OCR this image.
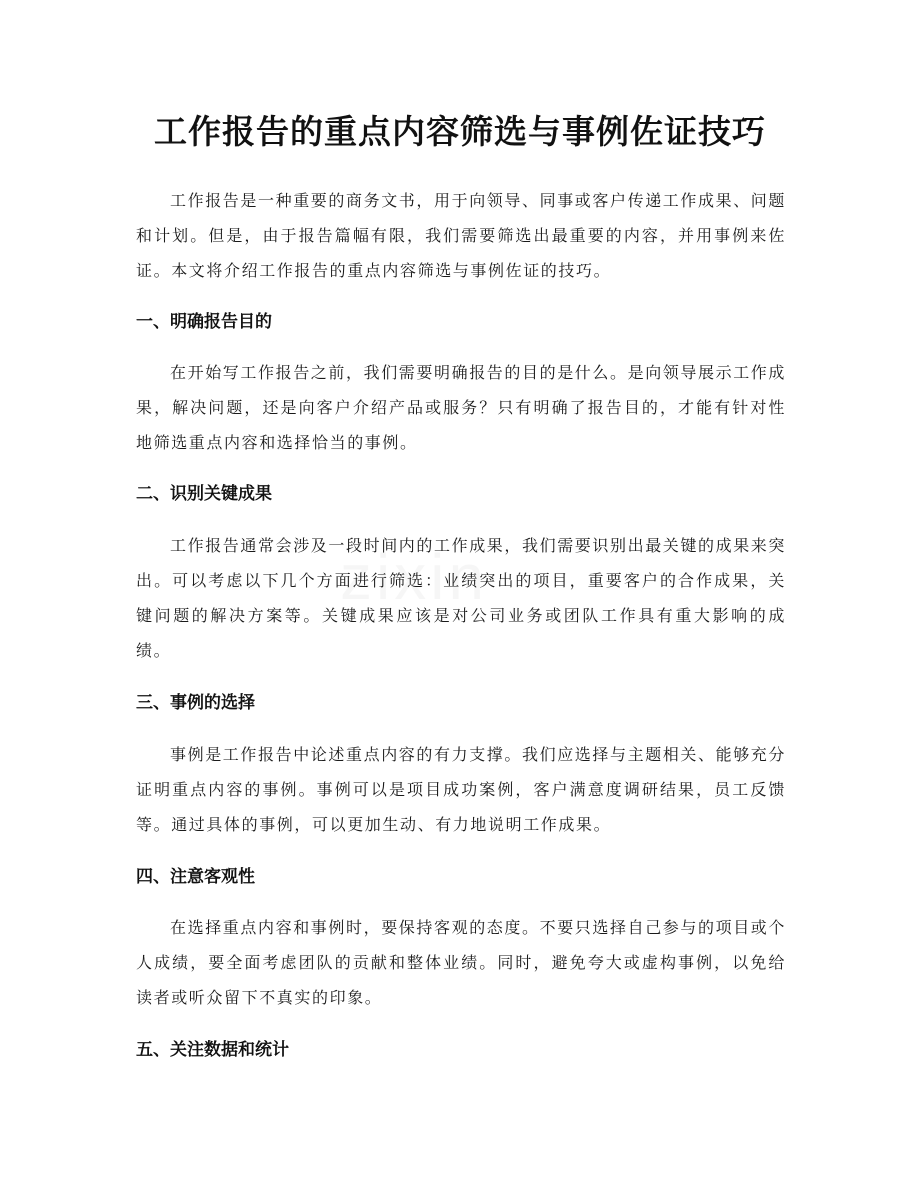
工作报告的重点内容筛选与事例佐证技巧

工作报告是一种重要的商务文书，用于向领导、同事或客户传递工作成果、问题和计划。但是，由于报告篇幅有限，我们需要筛选出最重要的内容，并用事例来佐证。本文将介绍工作报告的重点内容筛选与事例佐证的技巧。

一、明确报告目的

在开始写工作报告之前，我们需要明确报告的目的是什么。是向领导展示工作成果，解决问题，还是向客户介绍产品或服务？只有明确了报告目的，才能有针对性地筛选重点内容和选择恰当的事例。

二、识别关键成果

工作报告通常会涉及一段时间内的工作成果，我们需要识别出最关键的成果来突出。可以考虑以下几个方面进行筛选：业绩突出的项目，重要客户的合作成果，关键问题的解决方案等。关键成果应该是对公司业务或团队工作具有重大影响的成绩。

三、事例的选择

事例是工作报告中论述重点内容的有力支撑。我们应选择与主题相关、能够充分证明重点内容的事例。事例可以是项目成功案例，客户满意度调研结果，员工反馈等。通过具体的事例，可以更加生动、有力地说明工作成果。

四、注意客观性

在选择重点内容和事例时，要保持客观的态度。不要只选择自己参与的项目或个人成绩，要全面考虑团队的贡献和整体业绩。同时，避免夸大或虚构事例，以免给读者或听众留下不真实的印象。

五、关注数据和统计
